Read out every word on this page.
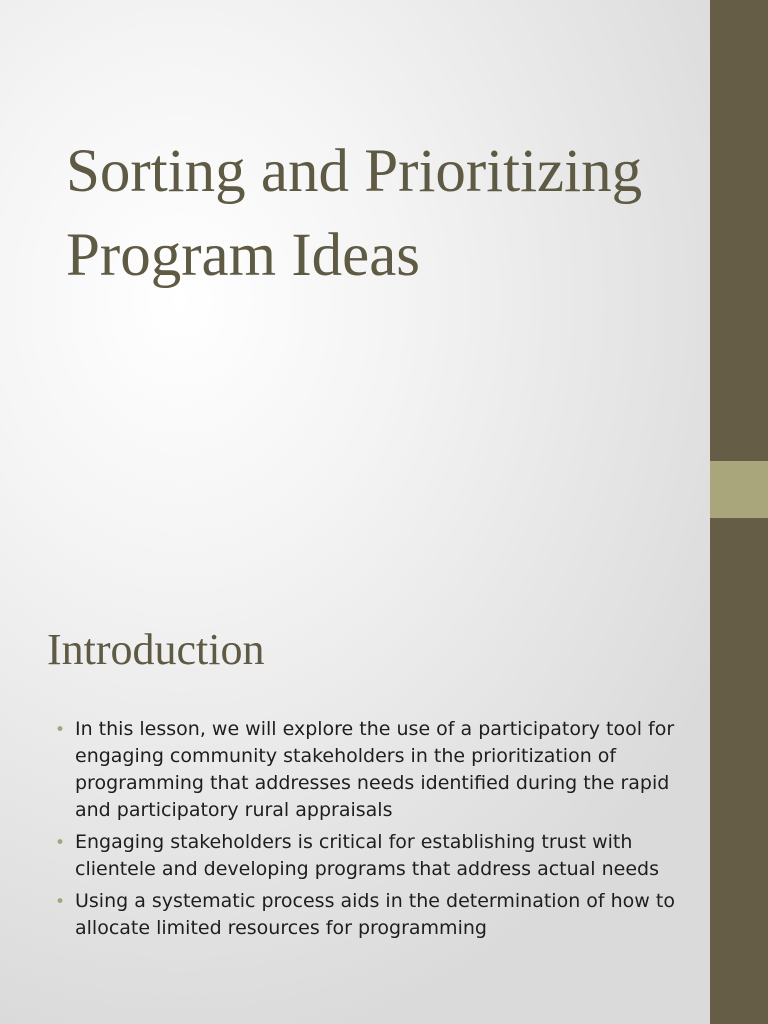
Sorting and Prioritizing Program Ideas
Introduction
• In this lesson, we will explore the use of a participatory tool for engaging community stakeholders in the prioritization of programming that addresses needs identified during the rapid and participatory rural appraisals
• Engaging stakeholders is critical for establishing trust with clientele and developing programs that address actual needs
• Using a systematic process aids in the determination of how to allocate limited resources for programming
